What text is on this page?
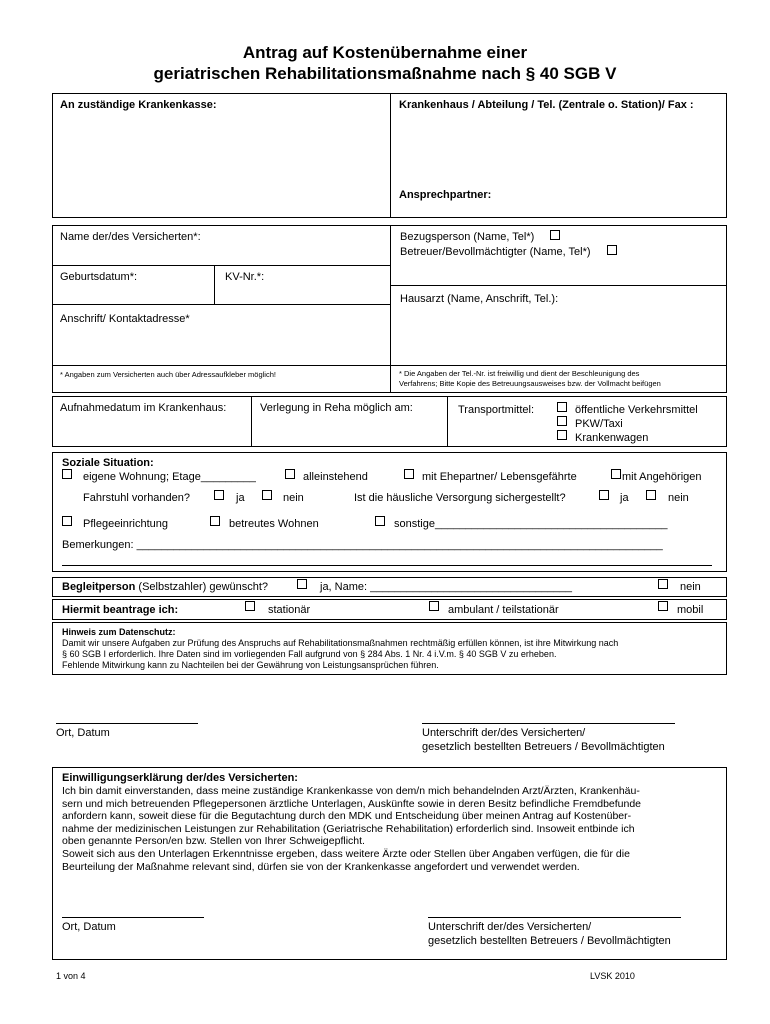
Antrag auf Kostenübernahme einer
geriatrischen Rehabilitationsmaßnahme nach § 40 SGB V
An zuständige Krankenkasse:	Krankenhaus / Abteilung / Tel. (Zentrale o. Station)/ Fax :
Ansprechpartner:
Name der/des Versicherten*:	Bezugsperson (Name, Tel*)
Betreuer/Bevollmächtigter (Name, Tel*)
Geburtsdatum*:	KV-Nr.*:
Hausarzt (Name, Anschrift, Tel.):
Anschrift/ Kontaktadresse*
* Angaben zum Versicherten auch über Adressaufkleber möglich!	* Die Angaben der Tel.-Nr. ist freiwillig und dient der Beschleunigung des
Verfahrens; Bitte Kopie des Betreuungsausweises bzw. der Vollmacht beifügen
Aufnahmedatum im Krankenhaus:	Verlegung in Reha möglich am:	Transportmittel:	öffentliche Verkehrsmittel
PKW/Taxi
Krankenwagen
Soziale Situation:
eigene Wohnung; Etage_________	alleinstehend	mit Ehepartner/ Lebensgefährte	mit Angehörigen
Fahrstuhl vorhanden?	ja	nein	Ist die häusliche Versorgung sichergestellt?	ja	nein
Pflegeeinrichtung	betreutes Wohnen	sonstige______________________________________
Bemerkungen: ______________________________________________________________________________________
Begleitperson (Selbstzahler) gewünscht?	ja, Name: _________________________________	nein
Hiermit beantrage ich:	stationär	ambulant / teilstationär	mobil
Hinweis zum Datenschutz:
Damit wir unsere Aufgaben zur Prüfung des Anspruchs auf Rehabilitationsmaßnahmen rechtmäßig erfüllen können, ist ihre Mitwirkung nach
§ 60 SGB I erforderlich. Ihre Daten sind im vorliegenden Fall aufgrund von § 284 Abs. 1 Nr. 4 i.V.m. § 40 SGB V zu erheben.
Fehlende Mitwirkung kann zu Nachteilen bei der Gewährung von Leistungsansprüchen führen.
Ort, Datum	Unterschrift der/des Versicherten/
gesetzlich bestellten Betreuers / Bevollmächtigten
Einwilligungserklärung der/des Versicherten:
Ich bin damit einverstanden, dass meine zuständige Krankenkasse von dem/n mich behandelnden Arzt/Ärzten, Krankenhäu-
sern und mich betreuenden Pflegepersonen ärztliche Unterlagen, Auskünfte sowie in deren Besitz befindliche Fremdbefunde
anfordern kann, soweit diese für die Begutachtung durch den MDK und Entscheidung über meinen Antrag auf Kostenüber-
nahme der medizinischen Leistungen zur Rehabilitation (Geriatrische Rehabilitation) erforderlich sind. Insoweit entbinde ich
oben genannte Person/en bzw. Stellen von Ihrer Schweigepflicht.
Soweit sich aus den Unterlagen Erkenntnisse ergeben, dass weitere Ärzte oder Stellen über Angaben verfügen, die für die
Beurteilung der Maßnahme relevant sind, dürfen sie von der Krankenkasse angefordert und verwendet werden.
Ort, Datum	Unterschrift der/des Versicherten/
gesetzlich bestellten Betreuers / Bevollmächtigten
1 von 4	LVSK 2010
